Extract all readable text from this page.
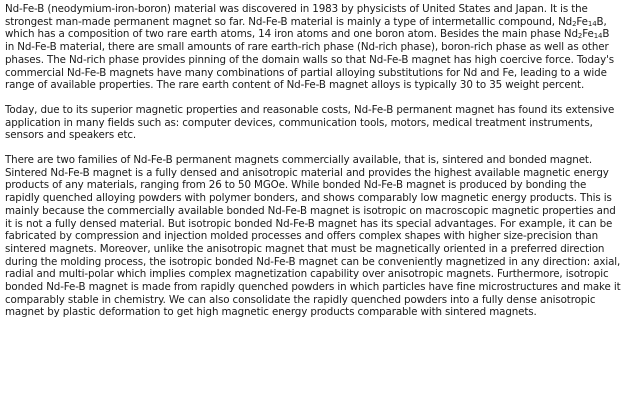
Nd-Fe-B (neodymium-iron-boron) material was discovered in 1983 by physicists of United States and Japan. It is the strongest man-made permanent magnet so far. Nd-Fe-B material is mainly a type of intermetallic compound, $Nd_2Fe_{14}B$, which has a composition of two rare earth atoms, 14 iron atoms and one boron atom. Besides the main phase $Nd_2Fe_{14}B$ in Nd-Fe-B material, there are small amounts of rare earth-rich phase (Nd-rich phase), boron-rich phase as well as other phases. The Nd-rich phase provides pinning of the domain walls so that Nd-Fe-B magnet has high coercive force. Today's commercial Nd-Fe-B magnets have many combinations of partial alloying substitutions for Nd and Fe, leading to a wide range of available properties. The rare earth content of Nd-Fe-B magnet alloys is typically 30 to 35 weight percent.

Today, due to its superior magnetic properties and reasonable costs, Nd-Fe-B permanent magnet has found its extensive application in many fields such as: computer devices, communication tools, motors, medical treatment instruments, sensors and speakers etc.

There are two families of Nd-Fe-B permanent magnets commercially available, that is, sintered and bonded magnet. Sintered Nd-Fe-B magnet is a fully densed and anisotropic material and provides the highest available magnetic energy products of any materials, ranging from 26 to 50 MGOe. While bonded Nd-Fe-B magnet is produced by bonding the rapidly quenched alloying powders with polymer bonders, and shows comparably low magnetic energy products. This is mainly because the commercially available bonded Nd-Fe-B magnet is isotropic on macroscopic magnetic properties and it is not a fully densed material. But isotropic bonded Nd-Fe-B magnet has its special advantages. For example, it can be fabricated by compression and injection molded processes and offers complex shapes with higher size-precision than sintered magnets. Moreover, unlike the anisotropic magnet that must be magnetically oriented in a preferred direction during the molding process, the isotropic bonded Nd-Fe-B magnet can be conveniently magnetized in any direction: axial, radial and multi-polar which implies complex magnetization capability over anisotropic magnets. Furthermore, isotropic bonded Nd-Fe-B magnet is made from rapidly quenched powders in which particles have fine microstructures and make it comparably stable in chemistry. We can also consolidate the rapidly quenched powders into a fully dense anisotropic magnet by plastic deformation to get high magnetic energy products comparable with sintered magnets.
